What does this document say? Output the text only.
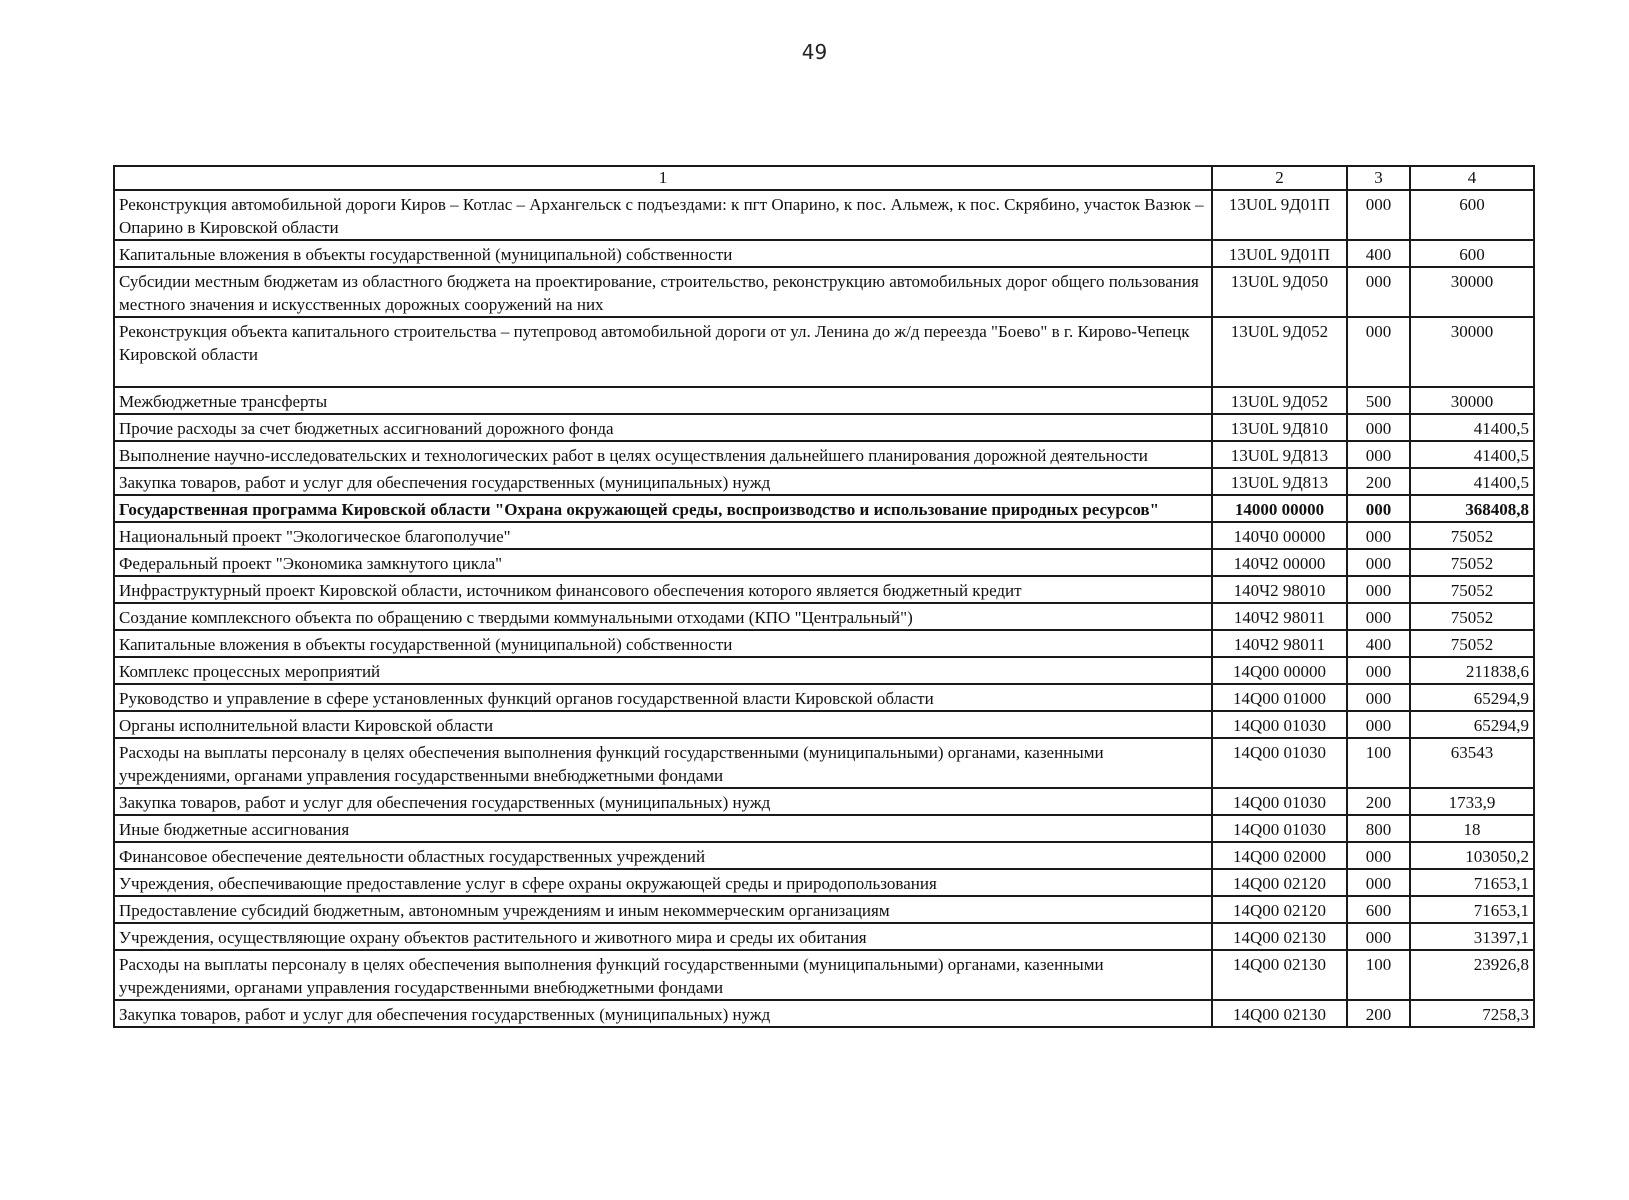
49
1	2	3	4
Реконструкция автомобильной дороги Киров – Котлас – Архангельск с подъездами: к пгт Опарино, к пос. Альмеж, к пос. Скрябино, участок Вазюк – Опарино в Кировской области	13U0L 9Д01П	000	600
Капитальные вложения в объекты государственной (муниципальной) собственности	13U0L 9Д01П	400	600
Субсидии местным бюджетам из областного бюджета на проектирование, строительство, реконструкцию автомобильных дорог общего пользования местного значения и искусственных дорожных сооружений на них	13U0L 9Д050	000	30000
Реконструкция объекта капитального строительства – путепровод автомобильной дороги от ул. Ленина до ж/д переезда "Боево" в г. Кирово-Чепецк Кировской области	13U0L 9Д052	000	30000
Межбюджетные трансферты	13U0L 9Д052	500	30000
Прочие расходы за счет бюджетных ассигнований дорожного фонда	13U0L 9Д810	000	41400,5
Выполнение научно-исследовательских и технологических работ в целях осуществления дальнейшего планирования дорожной деятельности	13U0L 9Д813	000	41400,5
Закупка товаров, работ и услуг для обеспечения государственных (муниципальных) нужд	13U0L 9Д813	200	41400,5
Государственная программа Кировской области "Охрана окружающей среды, воспроизводство и использование природных ресурсов"	14000 00000	000	368408,8
Национальный проект "Экологическое благополучие"	140Ч0 00000	000	75052
Федеральный проект "Экономика замкнутого цикла"	140Ч2 00000	000	75052
Инфраструктурный проект Кировской области, источником финансового обеспечения которого является бюджетный кредит	140Ч2 98010	000	75052
Создание комплексного объекта по обращению с твердыми коммунальными отходами (КПО "Центральный")	140Ч2 98011	000	75052
Капитальные вложения в объекты государственной (муниципальной) собственности	140Ч2 98011	400	75052
Комплекс процессных мероприятий	14Q00 00000	000	211838,6
Руководство и управление в сфере установленных функций органов государственной власти Кировской области	14Q00 01000	000	65294,9
Органы исполнительной власти Кировской области	14Q00 01030	000	65294,9
Расходы на выплаты персоналу в целях обеспечения выполнения функций государственными (муниципальными) органами, казенными учреждениями, органами управления государственными внебюджетными фондами	14Q00 01030	100	63543
Закупка товаров, работ и услуг для обеспечения государственных (муниципальных) нужд	14Q00 01030	200	1733,9
Иные бюджетные ассигнования	14Q00 01030	800	18
Финансовое обеспечение деятельности областных государственных учреждений	14Q00 02000	000	103050,2
Учреждения, обеспечивающие предоставление услуг в сфере охраны окружающей среды и природопользования	14Q00 02120	000	71653,1
Предоставление субсидий бюджетным, автономным учреждениям и иным некоммерческим организациям	14Q00 02120	600	71653,1
Учреждения, осуществляющие охрану объектов растительного и животного мира и среды их обитания	14Q00 02130	000	31397,1
Расходы на выплаты персоналу в целях обеспечения выполнения функций государственными (муниципальными) органами, казенными учреждениями, органами управления государственными внебюджетными фондами	14Q00 02130	100	23926,8
Закупка товаров, работ и услуг для обеспечения государственных (муниципальных) нужд	14Q00 02130	200	7258,3
